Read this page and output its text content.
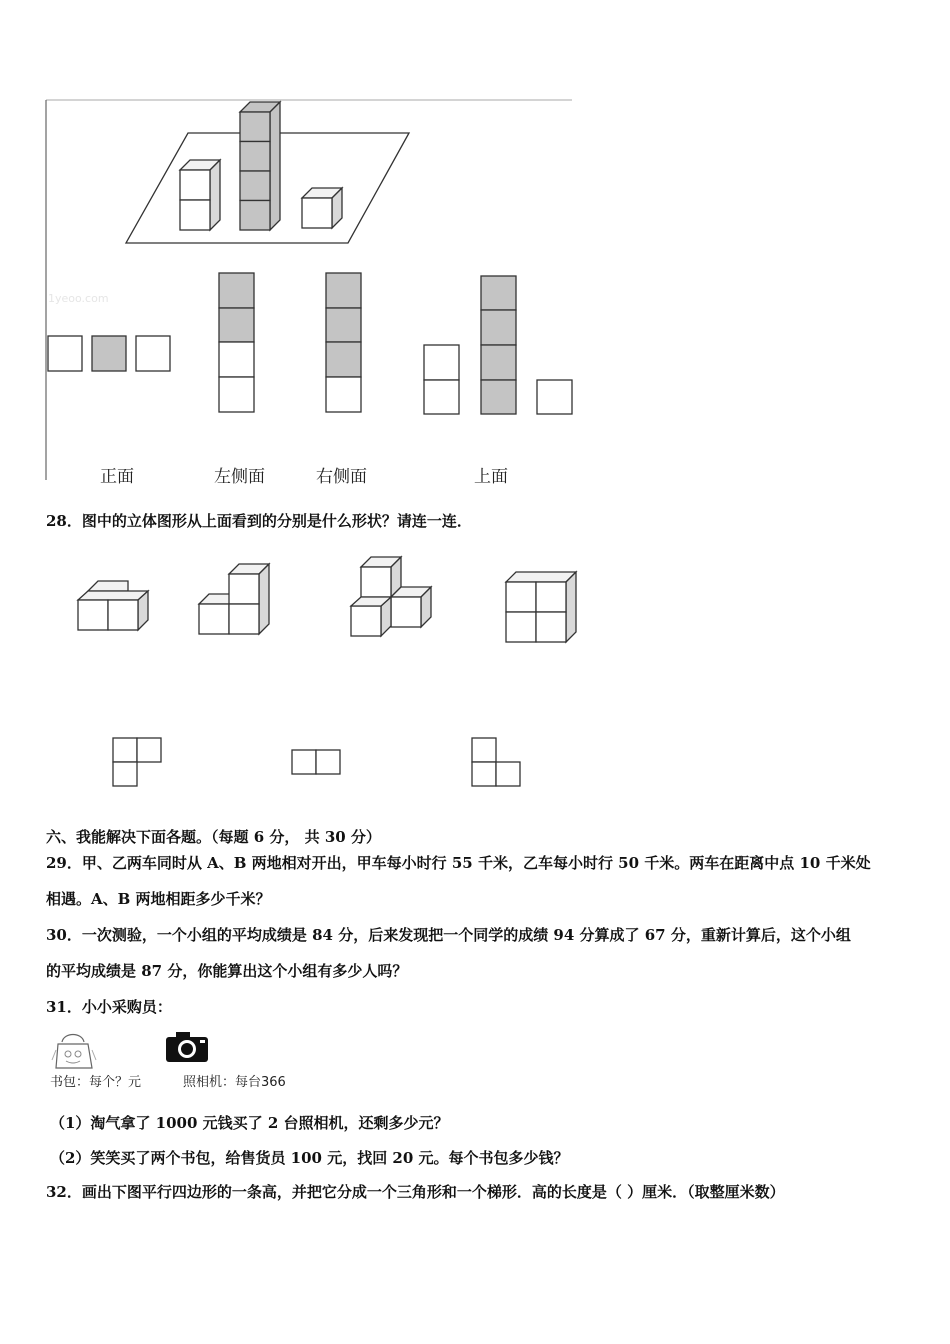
1yeoo.com
正面	左侧面	右侧面	上面
28．图中的立体图形从上面看到的分别是什么形状？请连一连．
六、我能解决下面各题。（每题 6 分， 共 30 分）
29．甲、乙两车同时从 A、B 两地相对开出，甲车每小时行 55 千米，乙车每小时行 50 千米。两车在距离中点 10 千米处
相遇。A、B 两地相距多少千米？
30．一次测验，一个小组的平均成绩是 84 分，后来发现把一个同学的成绩 94 分算成了 67 分，重新计算后，这个小组
的平均成绩是 87 分，你能算出这个小组有多少人吗？
31．小小采购员：
书包：每个？元	照相机：每台366
（1）淘气拿了 1000 元钱买了 2 台照相机，还剩多少元？
（2）笑笑买了两个书包，给售货员 100 元，找回 20 元。每个书包多少钱？
32．画出下图平行四边形的一条高，并把它分成一个三角形和一个梯形．高的长度是（ ）厘米．（取整厘米数）
